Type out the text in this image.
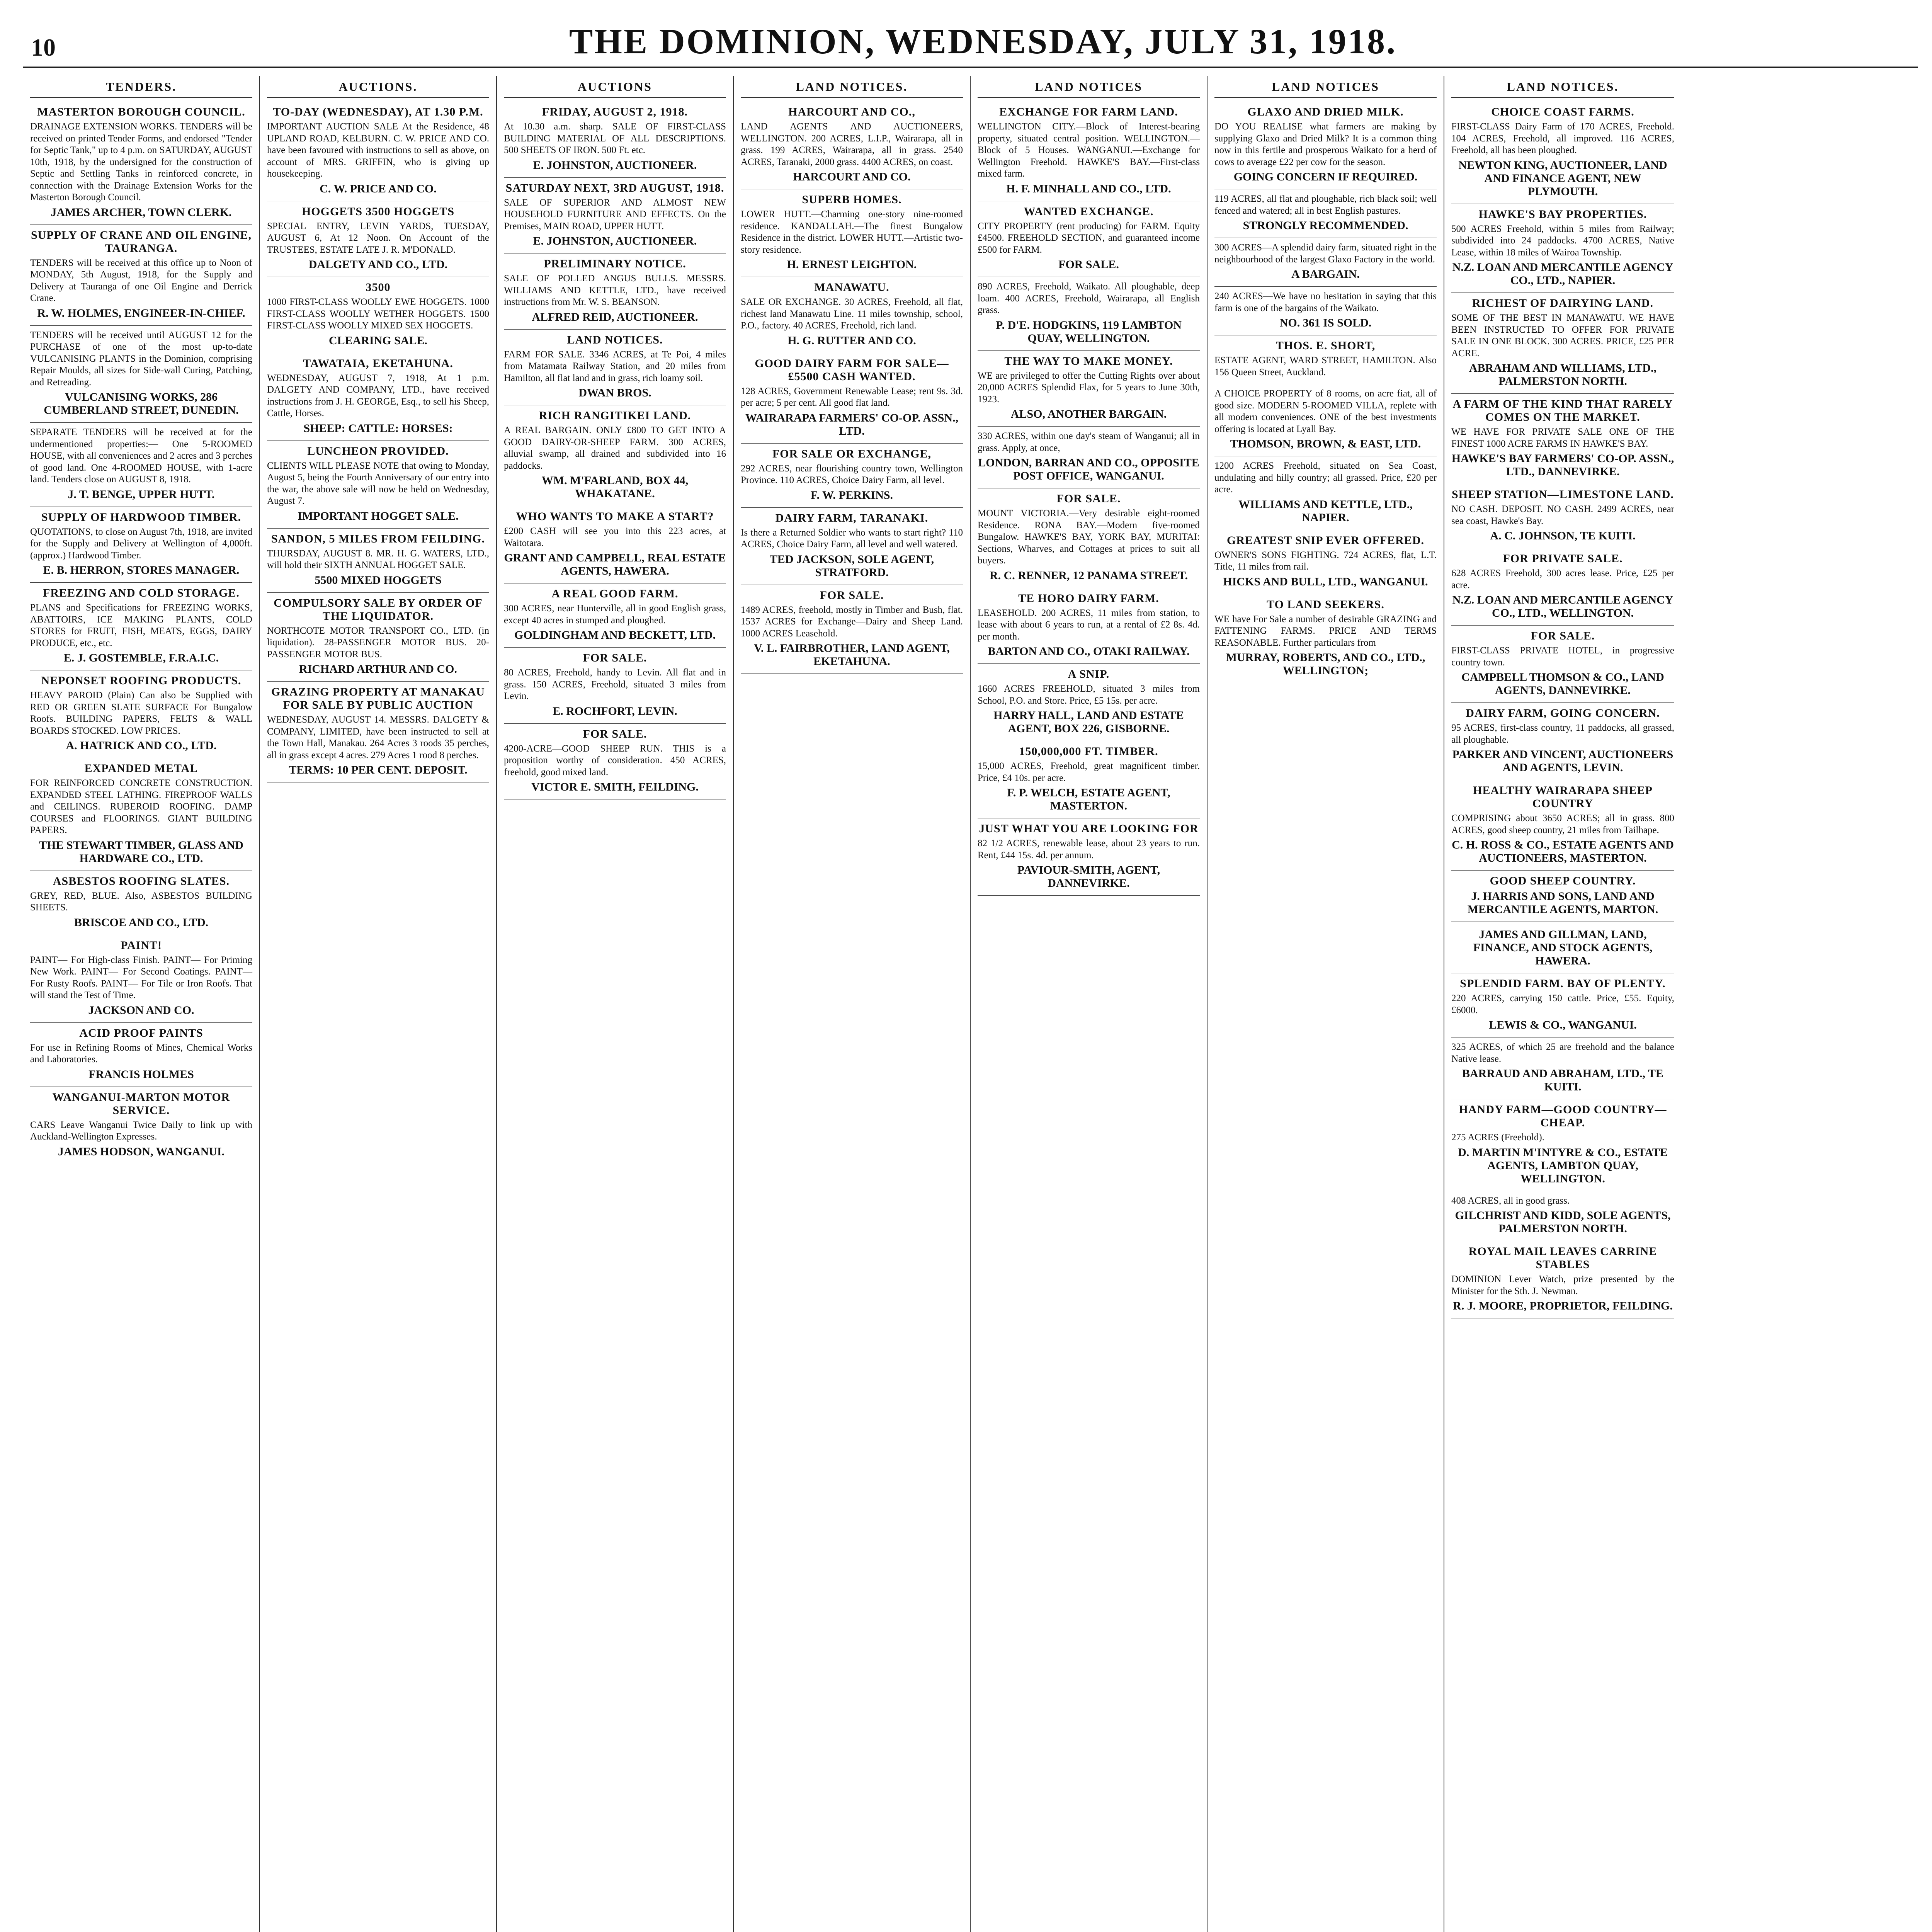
10	THE DOMINION, WEDNESDAY, JULY 31, 1918.
TENDERS.
MASTERTON BOROUGH COUNCIL.
DRAINAGE EXTENSION WORKS. TENDERS will be received on printed Tender Forms, and endorsed "Tender for Septic Tank," up to 4 p.m. on SATURDAY, AUGUST 10th, 1918, by the undersigned for the construction of Septic and Settling Tanks in reinforced concrete, in connection with the Drainage Extension Works for the Masterton Borough Council.
JAMES ARCHER, TOWN CLERK.
SUPPLY OF CRANE AND OIL ENGINE, TAURANGA.
TENDERS will be received at this office up to Noon of MONDAY, 5th August, 1918, for the Supply and Delivery at Tauranga of one Oil Engine and Derrick Crane.
R. W. HOLMES, ENGINEER-IN-CHIEF.
TENDERS will be received until AUGUST 12 for the PURCHASE of one of the most up-to-date VULCANISING PLANTS in the Dominion, comprising Repair Moulds, all sizes for Side-wall Curing, Patching, and Retreading.
VULCANISING WORKS, 286 CUMBERLAND STREET, DUNEDIN.
SEPARATE TENDERS will be received at for the undermentioned properties:— One 5-ROOMED HOUSE, with all conveniences and 2 acres and 3 perches of good land. One 4-ROOMED HOUSE, with 1-acre land. Tenders close on AUGUST 8, 1918.
J. T. BENGE, UPPER HUTT.
SUPPLY OF HARDWOOD TIMBER.
QUOTATIONS, to close on August 7th, 1918, are invited for the Supply and Delivery at Wellington of 4,000ft. (approx.) Hardwood Timber.
E. B. HERRON, STORES MANAGER.
FREEZING AND COLD STORAGE.
PLANS and Specifications for FREEZING WORKS, ABATTOIRS, ICE MAKING PLANTS, COLD STORES for FRUIT, FISH, MEATS, EGGS, DAIRY PRODUCE, etc., etc.
E. J. GOSTEMBLE, F.R.A.I.C.
NEPONSET ROOFING PRODUCTS.
HEAVY PAROID (Plain) Can also be Supplied with RED OR GREEN SLATE SURFACE For Bungalow Roofs. BUILDING PAPERS, FELTS & WALL BOARDS STOCKED. LOW PRICES.
A. HATRICK AND CO., LTD.
EXPANDED METAL
FOR REINFORCED CONCRETE CONSTRUCTION. EXPANDED STEEL LATHING. FIREPROOF WALLS and CEILINGS. RUBEROID ROOFING. DAMP COURSES and FLOORINGS. GIANT BUILDING PAPERS.
THE STEWART TIMBER, GLASS AND HARDWARE CO., LTD.
ASBESTOS ROOFING SLATES.
GREY, RED, BLUE. Also, ASBESTOS BUILDING SHEETS.
BRISCOE AND CO., LTD.
PAINT!
PAINT— For High-class Finish. PAINT— For Priming New Work. PAINT— For Second Coatings. PAINT— For Rusty Roofs. PAINT— For Tile or Iron Roofs. That will stand the Test of Time.
JACKSON AND CO.
ACID PROOF PAINTS
For use in Refining Rooms of Mines, Chemical Works and Laboratories.
FRANCIS HOLMES
WANGANUI-MARTON MOTOR SERVICE.
CARS Leave Wanganui Twice Daily to link up with Auckland-Wellington Expresses.
JAMES HODSON, WANGANUI.
AUCTIONS.
TO-DAY (WEDNESDAY), AT 1.30 P.M.
IMPORTANT AUCTION SALE At the Residence, 48 UPLAND ROAD, KELBURN. C. W. PRICE AND CO. have been favoured with instructions to sell as above, on account of MRS. GRIFFIN, who is giving up housekeeping.
C. W. PRICE AND CO.
HOGGETS 3500 HOGGETS
SPECIAL ENTRY, LEVIN YARDS, TUESDAY, AUGUST 6, At 12 Noon. On Account of the TRUSTEES, ESTATE LATE J. R. M'DONALD.
DALGETY AND CO., LTD.
3500
1000 FIRST-CLASS WOOLLY EWE HOGGETS. 1000 FIRST-CLASS WOOLLY WETHER HOGGETS. 1500 FIRST-CLASS WOOLLY MIXED SEX HOGGETS.
CLEARING SALE.
TAWATAIA, EKETAHUNA.
WEDNESDAY, AUGUST 7, 1918, At 1 p.m. DALGETY AND COMPANY, LTD., have received instructions from J. H. GEORGE, Esq., to sell his Sheep, Cattle, Horses.
SHEEP: CATTLE: HORSES:
LUNCHEON PROVIDED.
CLIENTS WILL PLEASE NOTE that owing to Monday, August 5, being the Fourth Anniversary of our entry into the war, the above sale will now be held on Wednesday, August 7.
IMPORTANT HOGGET SALE.
SANDON, 5 MILES FROM FEILDING.
THURSDAY, AUGUST 8. MR. H. G. WATERS, LTD., will hold their SIXTH ANNUAL HOGGET SALE.
5500 MIXED HOGGETS
COMPULSORY SALE BY ORDER OF THE LIQUIDATOR.
NORTHCOTE MOTOR TRANSPORT CO., LTD. (in liquidation). 28-PASSENGER MOTOR BUS. 20-PASSENGER MOTOR BUS.
RICHARD ARTHUR AND CO.
GRAZING PROPERTY AT MANAKAU FOR SALE BY PUBLIC AUCTION
WEDNESDAY, AUGUST 14. MESSRS. DALGETY & COMPANY, LIMITED, have been instructed to sell at the Town Hall, Manakau. 264 Acres 3 roods 35 perches, all in grass except 4 acres. 279 Acres 1 rood 8 perches.
TERMS: 10 PER CENT. DEPOSIT.
AUCTIONS
FRIDAY, AUGUST 2, 1918.
At 10.30 a.m. sharp. SALE OF FIRST-CLASS BUILDING MATERIAL OF ALL DESCRIPTIONS. 500 SHEETS OF IRON. 500 Ft. etc.
E. JOHNSTON, AUCTIONEER.
SATURDAY NEXT, 3RD AUGUST, 1918.
SALE OF SUPERIOR AND ALMOST NEW HOUSEHOLD FURNITURE AND EFFECTS. On the Premises, MAIN ROAD, UPPER HUTT.
E. JOHNSTON, AUCTIONEER.
PRELIMINARY NOTICE.
SALE OF POLLED ANGUS BULLS. MESSRS. WILLIAMS AND KETTLE, LTD., have received instructions from Mr. W. S. BEANSON.
ALFRED REID, AUCTIONEER.
LAND NOTICES.
FARM FOR SALE. 3346 ACRES, at Te Poi, 4 miles from Matamata Railway Station, and 20 miles from Hamilton, all flat land and in grass, rich loamy soil.
DWAN BROS.
RICH RANGITIKEI LAND.
A REAL BARGAIN. ONLY £800 TO GET INTO A GOOD DAIRY-OR-SHEEP FARM. 300 ACRES, alluvial swamp, all drained and subdivided into 16 paddocks.
WM. M'FARLAND, BOX 44, WHAKATANE.
WHO WANTS TO MAKE A START?
£200 CASH will see you into this 223 acres, at Waitotara.
GRANT AND CAMPBELL, REAL ESTATE AGENTS, HAWERA.
A REAL GOOD FARM.
300 ACRES, near Hunterville, all in good English grass, except 40 acres in stumped and ploughed.
GOLDINGHAM AND BECKETT, LTD.
FOR SALE.
80 ACRES, Freehold, handy to Levin. All flat and in grass. 150 ACRES, Freehold, situated 3 miles from Levin.
E. ROCHFORT, LEVIN.
FOR SALE.
4200-ACRE—GOOD SHEEP RUN. THIS is a proposition worthy of consideration. 450 ACRES, freehold, good mixed land.
VICTOR E. SMITH, FEILDING.
LAND NOTICES.
HARCOURT AND CO.,
LAND AGENTS AND AUCTIONEERS, WELLINGTON. 200 ACRES, L.I.P., Wairarapa, all in grass. 199 ACRES, Wairarapa, all in grass. 2540 ACRES, Taranaki, 2000 grass. 4400 ACRES, on coast.
HARCOURT AND CO.
SUPERB HOMES.
LOWER HUTT.—Charming one-story nine-roomed residence. KANDALLAH.—The finest Bungalow Residence in the district. LOWER HUTT.—Artistic two-story residence.
H. ERNEST LEIGHTON.
MANAWATU.
SALE OR EXCHANGE. 30 ACRES, Freehold, all flat, richest land Manawatu Line. 11 miles township, school, P.O., factory. 40 ACRES, Freehold, rich land.
H. G. RUTTER AND CO.
GOOD DAIRY FARM FOR SALE—£5500 CASH WANTED.
128 ACRES, Government Renewable Lease; rent 9s. 3d. per acre; 5 per cent. All good flat land.
WAIRARAPA FARMERS' CO-OP. ASSN., LTD.
FOR SALE OR EXCHANGE,
292 ACRES, near flourishing country town, Wellington Province. 110 ACRES, Choice Dairy Farm, all level.
F. W. PERKINS.
DAIRY FARM, TARANAKI.
Is there a Returned Soldier who wants to start right? 110 ACRES, Choice Dairy Farm, all level and well watered.
TED JACKSON, SOLE AGENT, STRATFORD.
FOR SALE.
1489 ACRES, freehold, mostly in Timber and Bush, flat. 1537 ACRES for Exchange—Dairy and Sheep Land. 1000 ACRES Leasehold.
V. L. FAIRBROTHER, LAND AGENT, EKETAHUNA.
LAND NOTICES
EXCHANGE FOR FARM LAND.
WELLINGTON CITY.—Block of Interest-bearing property, situated central position. WELLINGTON.—Block of 5 Houses. WANGANUI.—Exchange for Wellington Freehold. HAWKE'S BAY.—First-class mixed farm.
H. F. MINHALL AND CO., LTD.
WANTED EXCHANGE.
CITY PROPERTY (rent producing) for FARM. Equity £4500. FREEHOLD SECTION, and guaranteed income £500 for FARM.
FOR SALE.
890 ACRES, Freehold, Waikato. All ploughable, deep loam. 400 ACRES, Freehold, Wairarapa, all English grass.
P. D'E. HODGKINS, 119 LAMBTON QUAY, WELLINGTON.
THE WAY TO MAKE MONEY.
WE are privileged to offer the Cutting Rights over about 20,000 ACRES Splendid Flax, for 5 years to June 30th, 1923.
ALSO, ANOTHER BARGAIN.
330 ACRES, within one day's steam of Wanganui; all in grass. Apply, at once,
LONDON, BARRAN AND CO., OPPOSITE POST OFFICE, WANGANUI.
FOR SALE.
MOUNT VICTORIA.—Very desirable eight-roomed Residence. RONA BAY.—Modern five-roomed Bungalow. HAWKE'S BAY, YORK BAY, MURITAI: Sections, Wharves, and Cottages at prices to suit all buyers.
R. C. RENNER, 12 PANAMA STREET.
TE HORO DAIRY FARM.
LEASEHOLD. 200 ACRES, 11 miles from station, to lease with about 6 years to run, at a rental of £2 8s. 4d. per month.
BARTON AND CO., OTAKI RAILWAY.
A SNIP.
1660 ACRES FREEHOLD, situated 3 miles from School, P.O. and Store. Price, £5 15s. per acre.
HARRY HALL, LAND AND ESTATE AGENT, BOX 226, GISBORNE.
150,000,000 FT. TIMBER.
15,000 ACRES, Freehold, great magnificent timber. Price, £4 10s. per acre.
F. P. WELCH, ESTATE AGENT, MASTERTON.
JUST WHAT YOU ARE LOOKING FOR
82 1/2 ACRES, renewable lease, about 23 years to run. Rent, £44 15s. 4d. per annum.
PAVIOUR-SMITH, AGENT, DANNEVIRKE.
LAND NOTICES
GLAXO AND DRIED MILK.
DO YOU REALISE what farmers are making by supplying Glaxo and Dried Milk? It is a common thing now in this fertile and prosperous Waikato for a herd of cows to average £22 per cow for the season.
GOING CONCERN IF REQUIRED.
119 ACRES, all flat and ploughable, rich black soil; well fenced and watered; all in best English pastures.
STRONGLY RECOMMENDED.
300 ACRES—A splendid dairy farm, situated right in the neighbourhood of the largest Glaxo Factory in the world.
A BARGAIN.
240 ACRES—We have no hesitation in saying that this farm is one of the bargains of the Waikato.
NO. 361 IS SOLD.
THOS. E. SHORT,
ESTATE AGENT, WARD STREET, HAMILTON. Also 156 Queen Street, Auckland.
A CHOICE PROPERTY of 8 rooms, on acre fiat, all of good size. MODERN 5-ROOMED VILLA, replete with all modern conveniences. ONE of the best investments offering is located at Lyall Bay.
THOMSON, BROWN, & EAST, LTD.
1200 ACRES Freehold, situated on Sea Coast, undulating and hilly country; all grassed. Price, £20 per acre.
WILLIAMS AND KETTLE, LTD., NAPIER.
GREATEST SNIP EVER OFFERED.
OWNER'S SONS FIGHTING. 724 ACRES, flat, L.T. Title, 11 miles from rail.
HICKS AND BULL, LTD., WANGANUI.
TO LAND SEEKERS.
WE have For Sale a number of desirable GRAZING and FATTENING FARMS. PRICE AND TERMS REASONABLE. Further particulars from
MURRAY, ROBERTS, AND CO., LTD., WELLINGTON;
LAND NOTICES.
CHOICE COAST FARMS.
FIRST-CLASS Dairy Farm of 170 ACRES, Freehold. 104 ACRES, Freehold, all improved. 116 ACRES, Freehold, all has been ploughed.
NEWTON KING, AUCTIONEER, LAND AND FINANCE AGENT, NEW PLYMOUTH.
HAWKE'S BAY PROPERTIES.
500 ACRES Freehold, within 5 miles from Railway; subdivided into 24 paddocks. 4700 ACRES, Native Lease, within 18 miles of Wairoa Township.
N.Z. LOAN AND MERCANTILE AGENCY CO., LTD., NAPIER.
RICHEST OF DAIRYING LAND.
SOME OF THE BEST IN MANAWATU. WE HAVE BEEN INSTRUCTED TO OFFER FOR PRIVATE SALE IN ONE BLOCK. 300 ACRES. PRICE, £25 PER ACRE.
ABRAHAM AND WILLIAMS, LTD., PALMERSTON NORTH.
A FARM OF THE KIND THAT RARELY COMES ON THE MARKET.
WE HAVE FOR PRIVATE SALE ONE OF THE FINEST 1000 ACRE FARMS IN HAWKE'S BAY.
HAWKE'S BAY FARMERS' CO-OP. ASSN., LTD., DANNEVIRKE.
SHEEP STATION—LIMESTONE LAND.
NO CASH. DEPOSIT. NO CASH. 2499 ACRES, near sea coast, Hawke's Bay.
A. C. JOHNSON, TE KUITI.
FOR PRIVATE SALE.
628 ACRES Freehold, 300 acres lease. Price, £25 per acre.
N.Z. LOAN AND MERCANTILE AGENCY CO., LTD., WELLINGTON.
FOR SALE.
FIRST-CLASS PRIVATE HOTEL, in progressive country town.
CAMPBELL THOMSON & CO., LAND AGENTS, DANNEVIRKE.
DAIRY FARM, GOING CONCERN.
95 ACRES, first-class country, 11 paddocks, all grassed, all ploughable.
PARKER AND VINCENT, AUCTIONEERS AND AGENTS, LEVIN.
HEALTHY WAIRARAPA SHEEP COUNTRY
COMPRISING about 3650 ACRES; all in grass. 800 ACRES, good sheep country, 21 miles from Tailhape.
C. H. ROSS & CO., ESTATE AGENTS AND AUCTIONEERS, MASTERTON.
GOOD SHEEP COUNTRY.
J. HARRIS AND SONS, LAND AND MERCANTILE AGENTS, MARTON.
JAMES AND GILLMAN, LAND, FINANCE, AND STOCK AGENTS, HAWERA.
SPLENDID FARM. BAY OF PLENTY.
220 ACRES, carrying 150 cattle. Price, £55. Equity, £6000.
LEWIS & CO., WANGANUI.
325 ACRES, of which 25 are freehold and the balance Native lease.
BARRAUD AND ABRAHAM, LTD., TE KUITI.
HANDY FARM—GOOD COUNTRY—CHEAP.
275 ACRES (Freehold).
D. MARTIN M'INTYRE & CO., ESTATE AGENTS, LAMBTON QUAY, WELLINGTON.
408 ACRES, all in good grass.
GILCHRIST AND KIDD, SOLE AGENTS, PALMERSTON NORTH.
ROYAL MAIL LEAVES CARRINE STABLES
DOMINION Lever Watch, prize presented by the Minister for the Sth. J. Newman.
R. J. MOORE, PROPRIETOR, FEILDING.
